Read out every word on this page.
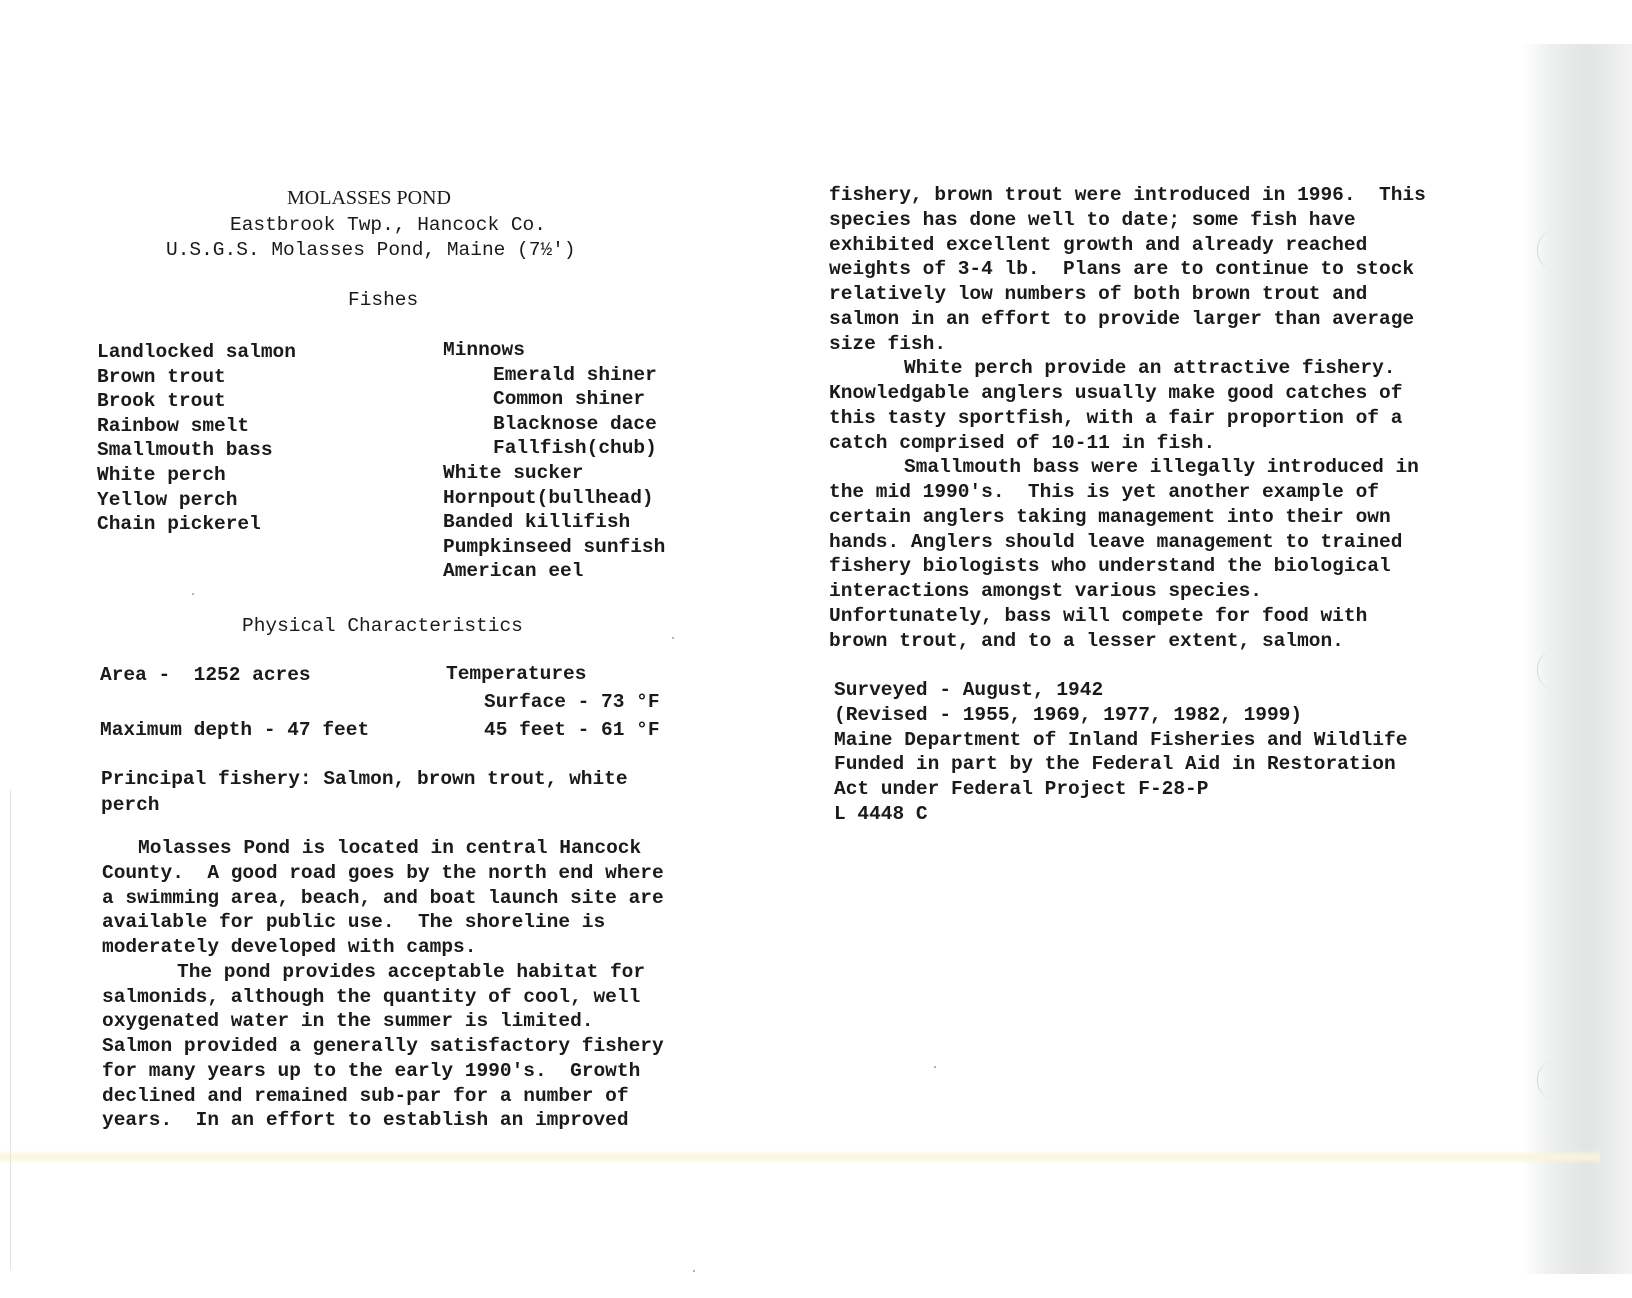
MOLASSES POND
Eastbrook Twp., Hancock Co.
U.S.G.S. Molasses Pond, Maine (7½')
Fishes
Landlocked salmon
Brown trout
Brook trout
Rainbow smelt
Smallmouth bass
White perch
Yellow perch
Chain pickerel
Minnows
Emerald shiner
Common shiner
Blacknose dace
Fallfish(chub)
White sucker
Hornpout(bullhead)
Banded killifish
Pumpkinseed sunfish
American eel
Physical Characteristics
Area -  1252 acres
Maximum depth - 47 feet
Temperatures
Surface - 73 °F
45 feet - 61 °F
Principal fishery: Salmon, brown trout, white
perch
Molasses Pond is located in central Hancock
County.  A good road goes by the north end where
a swimming area, beach, and boat launch site are
available for public use.  The shoreline is
moderately developed with camps.
The pond provides acceptable habitat for
salmonids, although the quantity of cool, well
oxygenated water in the summer is limited.
Salmon provided a generally satisfactory fishery
for many years up to the early 1990's.  Growth
declined and remained sub-par for a number of
years.  In an effort to establish an improved
fishery, brown trout were introduced in 1996.  This
species has done well to date; some fish have
exhibited excellent growth and already reached
weights of 3-4 lb.  Plans are to continue to stock
relatively low numbers of both brown trout and
salmon in an effort to provide larger than average
size fish.
White perch provide an attractive fishery.
Knowledgable anglers usually make good catches of
this tasty sportfish, with a fair proportion of a
catch comprised of 10-11 in fish.
Smallmouth bass were illegally introduced in
the mid 1990's.  This is yet another example of
certain anglers taking management into their own
hands. Anglers should leave management to trained
fishery biologists who understand the biological
interactions amongst various species.
Unfortunately, bass will compete for food with
brown trout, and to a lesser extent, salmon.
Surveyed - August, 1942
(Revised - 1955, 1969, 1977, 1982, 1999)
Maine Department of Inland Fisheries and Wildlife
Funded in part by the Federal Aid in Restoration
Act under Federal Project F-28-P
L 4448 C
